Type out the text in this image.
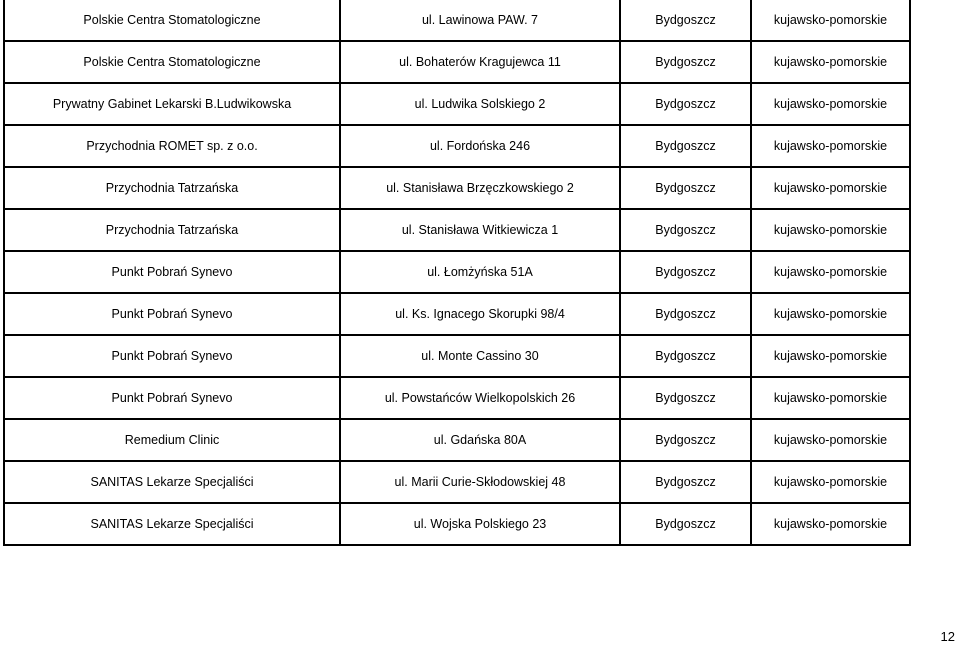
Polskie Centra Stomatologiczne	ul. Lawinowa PAW. 7	Bydgoszcz	kujawsko-pomorskie
Polskie Centra Stomatologiczne	ul. Bohaterów Kragujewca 11	Bydgoszcz	kujawsko-pomorskie
Prywatny Gabinet Lekarski B.Ludwikowska	ul. Ludwika Solskiego 2	Bydgoszcz	kujawsko-pomorskie
Przychodnia ROMET sp. z o.o.	ul. Fordońska 246	Bydgoszcz	kujawsko-pomorskie
Przychodnia Tatrzańska	ul. Stanisława Brzęczkowskiego 2	Bydgoszcz	kujawsko-pomorskie
Przychodnia Tatrzańska	ul. Stanisława Witkiewicza 1	Bydgoszcz	kujawsko-pomorskie
Punkt Pobrań Synevo	ul. Łomżyńska 51A	Bydgoszcz	kujawsko-pomorskie
Punkt Pobrań Synevo	ul. Ks. Ignacego Skorupki 98/4	Bydgoszcz	kujawsko-pomorskie
Punkt Pobrań Synevo	ul. Monte Cassino 30	Bydgoszcz	kujawsko-pomorskie
Punkt Pobrań Synevo	ul. Powstańców Wielkopolskich 26	Bydgoszcz	kujawsko-pomorskie
Remedium Clinic	ul. Gdańska 80A	Bydgoszcz	kujawsko-pomorskie
SANITAS Lekarze Specjaliści	ul. Marii Curie-Skłodowskiej 48	Bydgoszcz	kujawsko-pomorskie
SANITAS Lekarze Specjaliści	ul. Wojska Polskiego 23	Bydgoszcz	kujawsko-pomorskie
12
